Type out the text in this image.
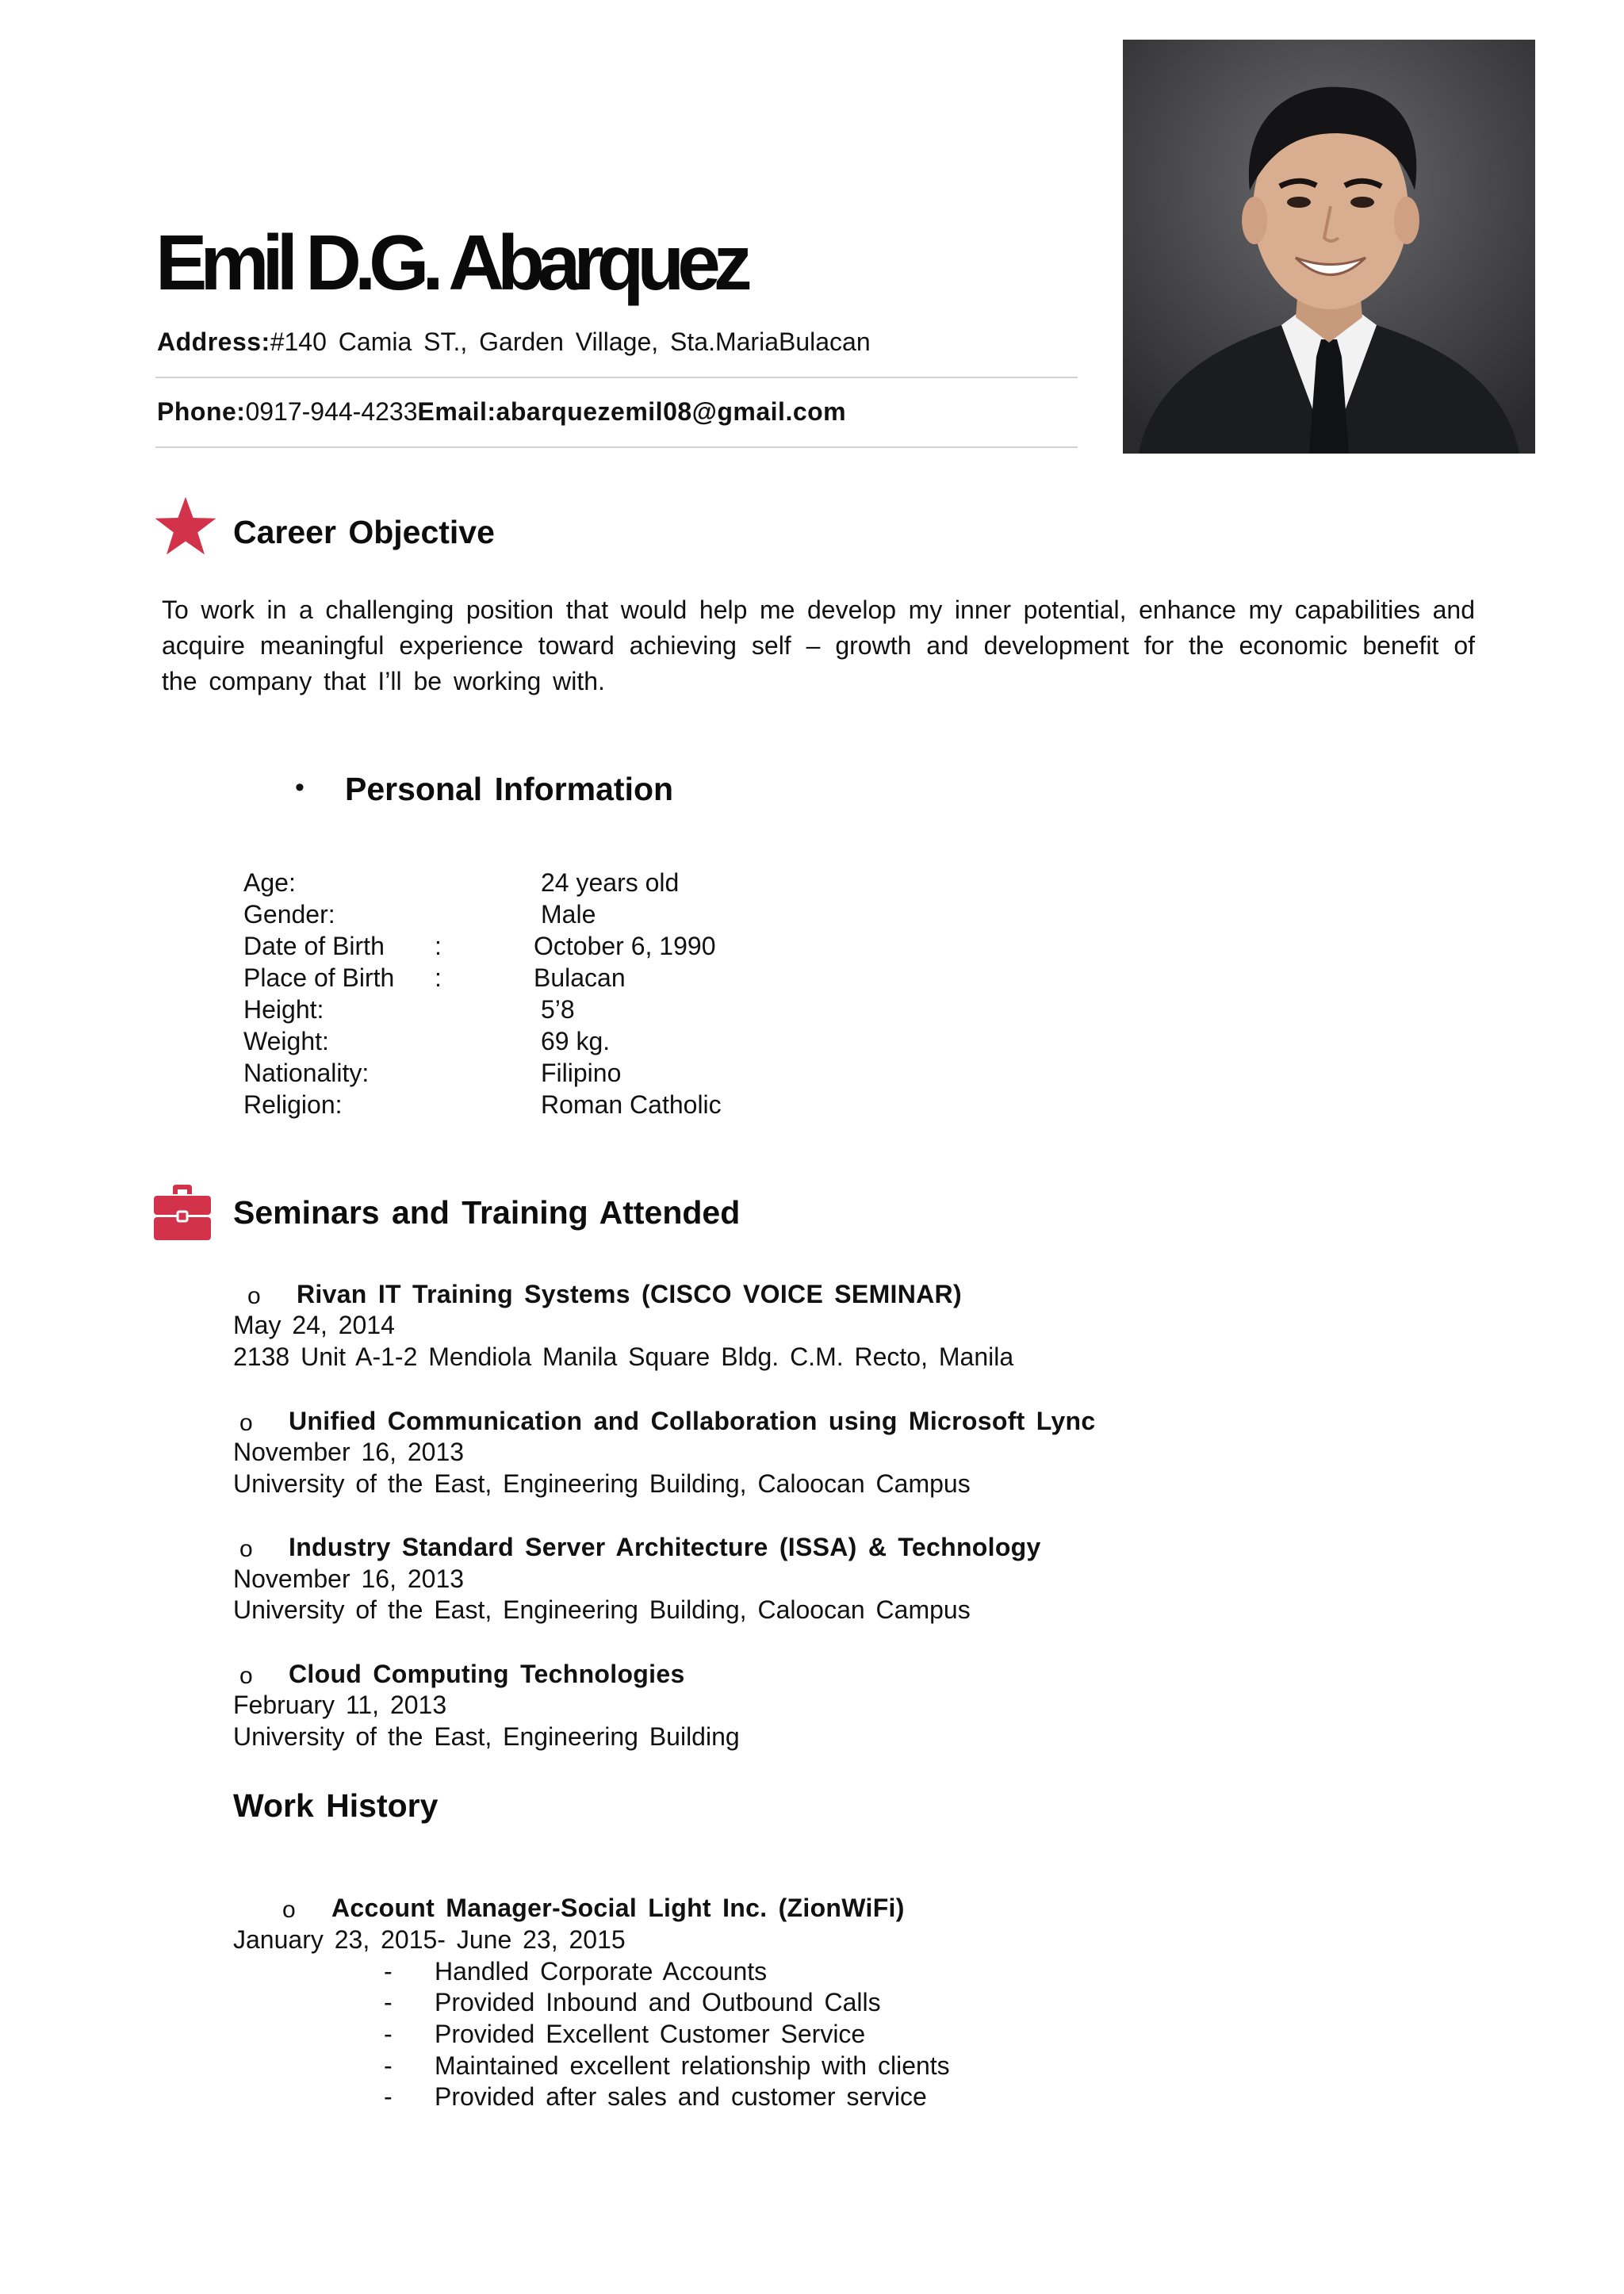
Emil D.G. Abarquez
Address:#140 Camia ST., Garden Village, Sta.MariaBulacan
Phone:0917-944-4233Email:abarquezemil08@gmail.com
Career Objective
To work in a challenging position that would help me develop my inner potential, enhance my capabilities and acquire meaningful experience toward achieving self – growth and development for the economic benefit of the company that I’ll be working with.
• Personal Information
Age:	24 years old
Gender:	Male
Date of Birth :	October 6, 1990
Place of Birth :	Bulacan
Height:	5’8
Weight:	69 kg.
Nationality:	Filipino
Religion:	Roman Catholic
Seminars and Training Attended
o Rivan IT Training Systems (CISCO VOICE SEMINAR)
May 24, 2014
2138 Unit A-1-2 Mendiola Manila Square Bldg. C.M. Recto, Manila
o Unified Communication and Collaboration using Microsoft Lync
November 16, 2013
University of the East, Engineering Building, Caloocan Campus
o Industry Standard Server Architecture (ISSA) & Technology
November 16, 2013
University of the East, Engineering Building, Caloocan Campus
o Cloud Computing Technologies
February 11, 2013
University of the East, Engineering Building
Work History
o Account Manager-Social Light Inc. (ZionWiFi)
January 23, 2015- June 23, 2015
- Handled Corporate Accounts
- Provided Inbound and Outbound Calls
- Provided Excellent Customer Service
- Maintained excellent relationship with clients
- Provided after sales and customer service
